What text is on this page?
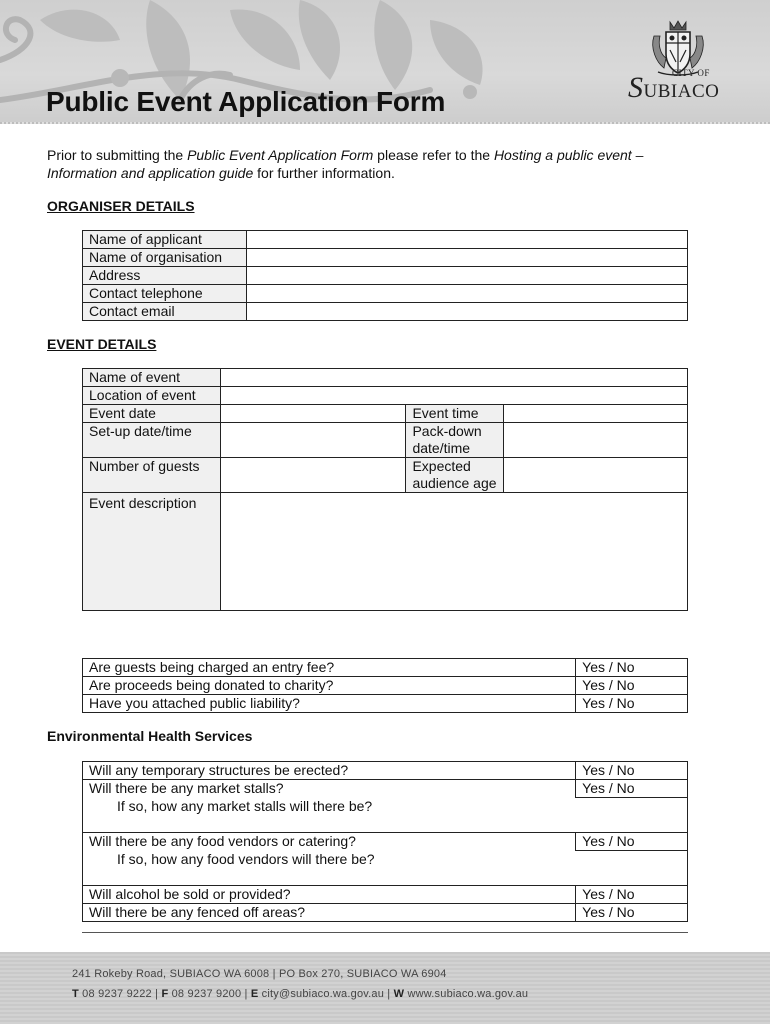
Public Event Application Form
CITY OF
SUBIACO
Prior to submitting the Public Event Application Form please refer to the Hosting a public event – Information and application guide for further information.
ORGANISER DETAILS
Name of applicant	
Name of organisation	
Address	
Contact telephone	
Contact email	
EVENT DETAILS
Name of event			
Location of event			
Event date		Event time	
Set-up date/time		Pack-down date/time	
Number of guests		Expected audience age	
Event description			
Are guests being charged an entry fee?	Yes / No
Are proceeds being donated to charity?	Yes / No
Have you attached public liability?	Yes / No
Environmental Health Services
Will any temporary structures be erected?	Yes / No
Will there be any market stalls?	Yes / No

If so, how any market stalls will there be?	

Will there be any food vendors or catering?	Yes / No

If so, how any food vendors will there be?	

Will alcohol be sold or provided?	Yes / No
Will there be any fenced off areas?	Yes / No
241 Rokeby Road, SUBIACO WA 6008 | PO Box 270, SUBIACO WA 6904
T 08 9237 9222 | F 08 9237 9200 | E city@subiaco.wa.gov.au | W www.subiaco.wa.gov.au
